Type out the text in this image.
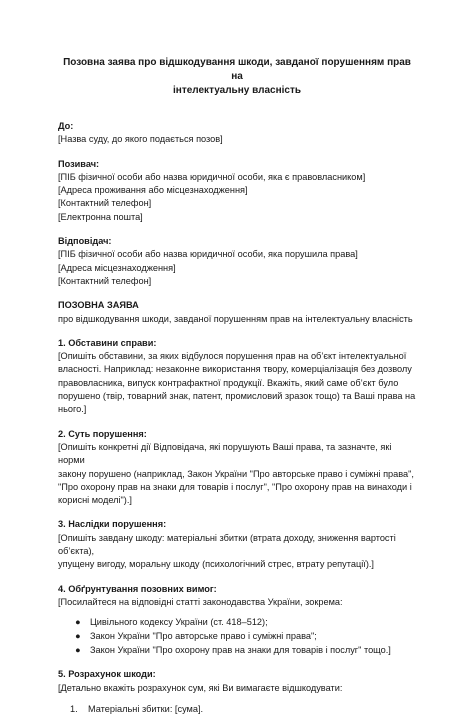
Позовна заява про відшкодування шкоди, завданої порушенням прав на
інтелектуальну власність
До:
[Назва суду, до якого подається позов]
Позивач:
[ПІБ фізичної особи або назва юридичної особи, яка є правовласником]
[Адреса проживання або місцезнаходження]
[Контактний телефон]
[Електронна пошта]
Відповідач:
[ПІБ фізичної особи або назва юридичної особи, яка порушила права]
[Адреса місцезнаходження]
[Контактний телефон]
ПОЗОВНА ЗАЯВА
про відшкодування шкоди, завданої порушенням прав на інтелектуальну власність
1. Обставини справи:
[Опишіть обставини, за яких відбулося порушення прав на об’єкт інтелектуальної
власності. Наприклад: незаконне використання твору, комерціалізація без дозволу
правовласника, випуск контрафактної продукції. Вкажіть, який саме об’єкт було
порушено (твір, товарний знак, патент, промисловий зразок тощо) та Ваші права на
нього.]
2. Суть порушення:
[Опишіть конкретні дії Відповідача, які порушують Ваші права, та зазначте, які норми
закону порушено (наприклад, Закон України "Про авторське право і суміжні права",
"Про охорону прав на знаки для товарів і послуг", "Про охорону прав на винаходи і
корисні моделі").]
3. Наслідки порушення:
[Опишіть завдану шкоду: матеріальні збитки (втрата доходу, зниження вартості об’єкта),
упущену вигоду, моральну шкоду (психологічний стрес, втрату репутації).]
4. Обґрунтування позовних вимог:
[Посилайтеся на відповідні статті законодавства України, зокрема:
● Цивільного кодексу України (ст. 418–512);
● Закон України "Про авторське право і суміжні права";
● Закон України "Про охорону прав на знаки для товарів і послуг" тощо.]
5. Розрахунок шкоди:
[Детально вкажіть розрахунок сум, які Ви вимагаєте відшкодувати:
1. Матеріальні збитки: [сума].
